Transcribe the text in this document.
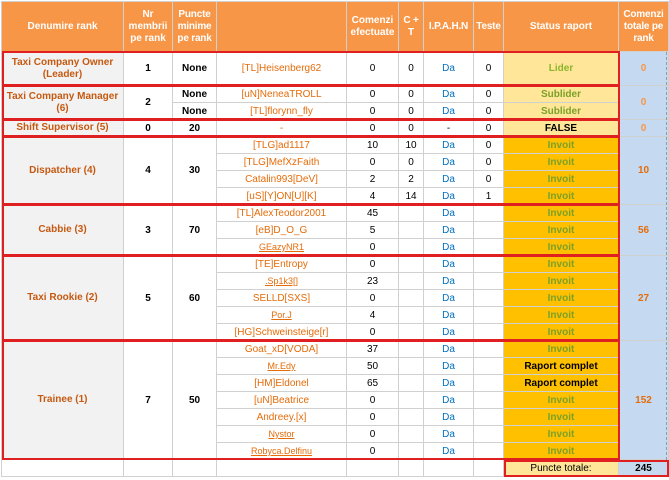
Denumire rank	Nr membrii pe rank	Puncte minime pe rank		Comenzi efectuate	C + T	I.P.A.H.N	Teste	Status raport	Comenzi totale pe rank
Taxi Company Owner (Leader)	1	None	[TL]Heisenberg62	0	0	Da	0	Lider	0
Taxi Company Manager (6)	2	None	[uN]NeneaTROLL	0	0	Da	0	Sublider	0
		None	[TL]florynn_fly	0	0	Da	0	Sublider	
Shift Supervisor (5)	0	20	-	0	0	-	0	FALSE	0
Dispatcher (4)	4	30	[TLG]ad1117	10	10	Da	0	Invoit	10
			[TLG]MefXzFaith	0	0	Da	0	Invoit	
			Catalin993[DeV]	2	2	Da	0	Invoit	
			[uS][Y]ON[U][K]	4	14	Da	1	Invoit	
Cabbie (3)	3	70	[TL]AlexTeodor2001	45		Da		Invoit	56
			[eB]D_O_G	5		Da		Invoit	
			GEazyNR1	0		Da		Invoit	
Taxi Rookie (2)	5	60	[TE]Entropy	0		Da		Invoit	27
			.Sp1k3[]	23		Da		Invoit	
			SELLD[SXS]	0		Da		Invoit	
			Por.J	4		Da		Invoit	
			[HG]Schweinsteige[r]	0		Da		Invoit	
Trainee (1)	7	50	Goat_xD[VODA]	37		Da		Invoit	152
			Mr.Edy	50		Da		Raport complet	
			[HM]Eldonel	65		Da		Raport complet	
			[uN]Beatrice	0		Da		Invoit	
			Andreey.[x]	0		Da		Invoit	
			Nystor	0		Da		Invoit	
			Robyca.Delfinu	0		Da		Invoit	
								Puncte totale:	245
